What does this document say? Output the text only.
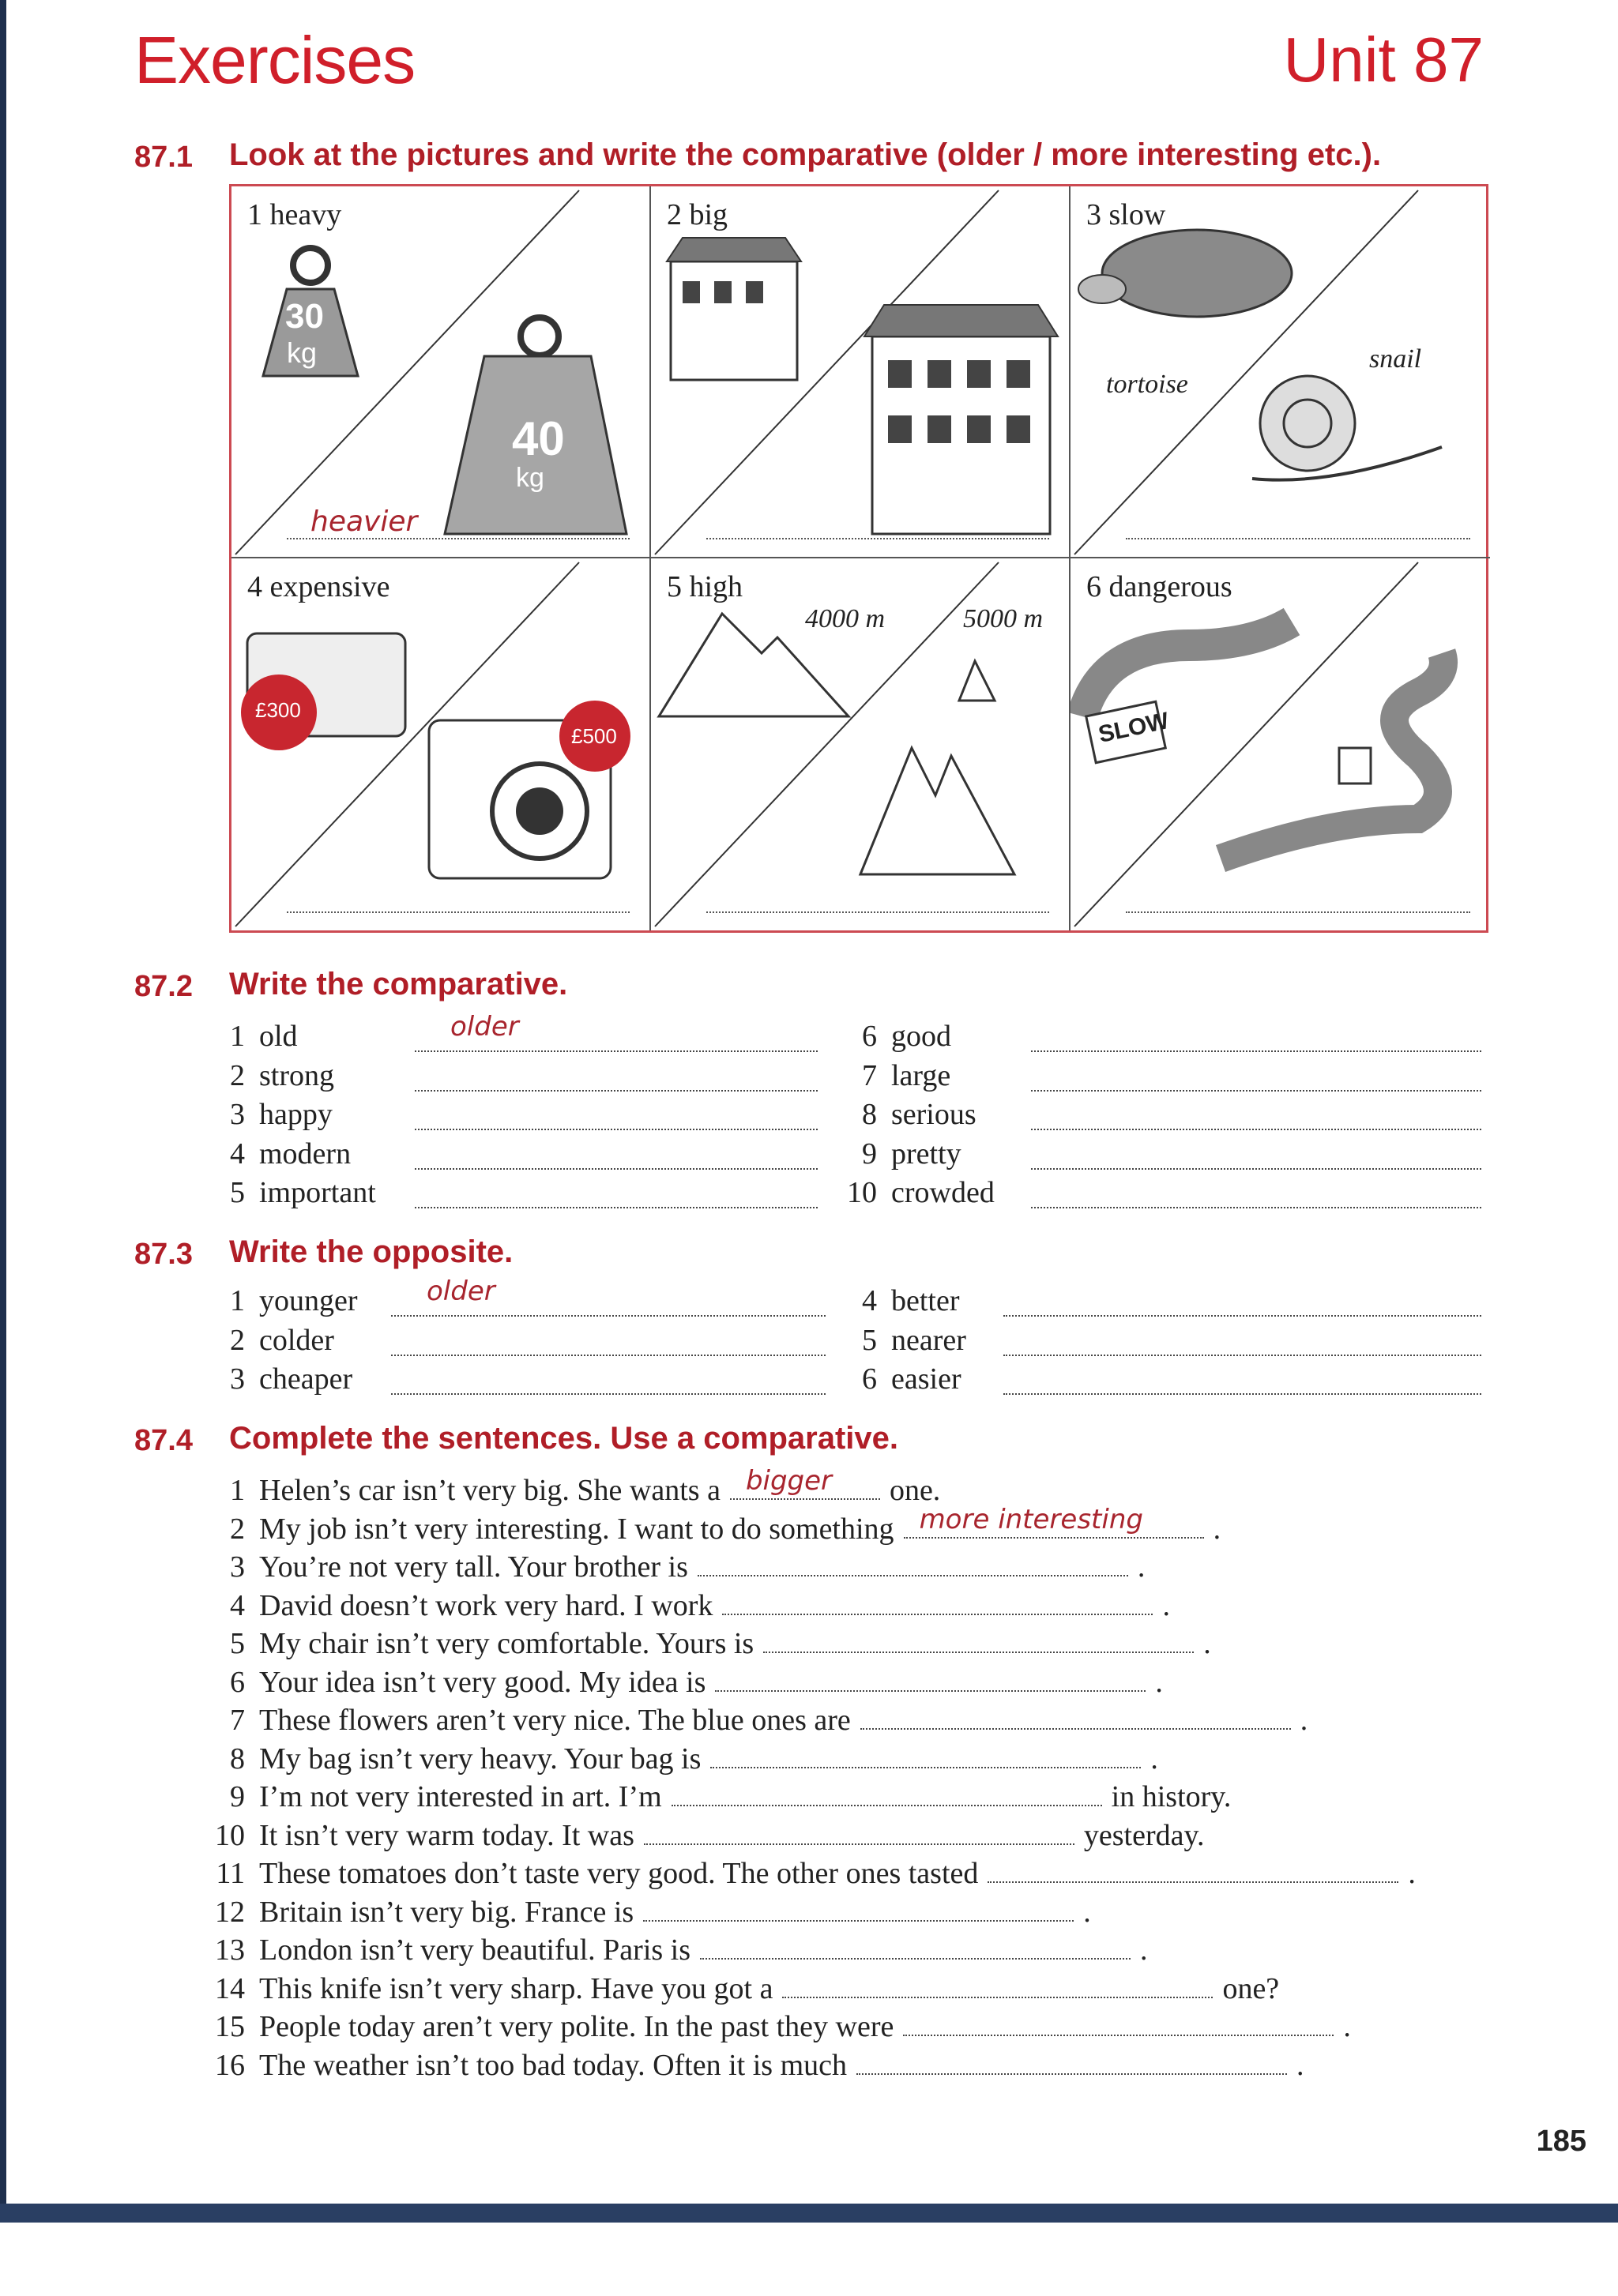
Exercises	Unit 87
87.1 Look at the pictures and write the comparative (older / more interesting etc.).
1 heavy
30
kg
40
kg
heavier
2 big	3 slow
tortoise
snail
4 expensive
£300
£500
5 high
4000 m	5000 m
6 dangerous
SLOW
87.2 Write the comparative.
1 old	older
2 strong
3 happy
4 modern
5 important
6 good
7 large
8 serious
9 pretty
10 crowded
87.3 Write the opposite.
1 younger	older
2 colder
3 cheaper
4 better
5 nearer
6 easier
87.4 Complete the sentences. Use a comparative.
1 Helen’s car isn’t very big. She wants a bigger one.
2 My job isn’t very interesting. I want to do something more interesting .
3 You’re not very tall. Your brother is	.
4 David doesn’t work very hard. I work	.
5 My chair isn’t very comfortable. Yours is	.
6 Your idea isn’t very good. My idea is	.
7 These flowers aren’t very nice. The blue ones are	.
8 My bag isn’t very heavy. Your bag is	.
9 I’m not very interested in art. I’m	in history.
10 It isn’t very warm today. It was	yesterday.
11 These tomatoes don’t taste very good. The other ones tasted	.
12 Britain isn’t very big. France is	.
13 London isn’t very beautiful. Paris is	.
14 This knife isn’t very sharp. Have you got a	one?
15 People today aren’t very polite. In the past they were	.
16 The weather isn’t too bad today. Often it is much	.
185
